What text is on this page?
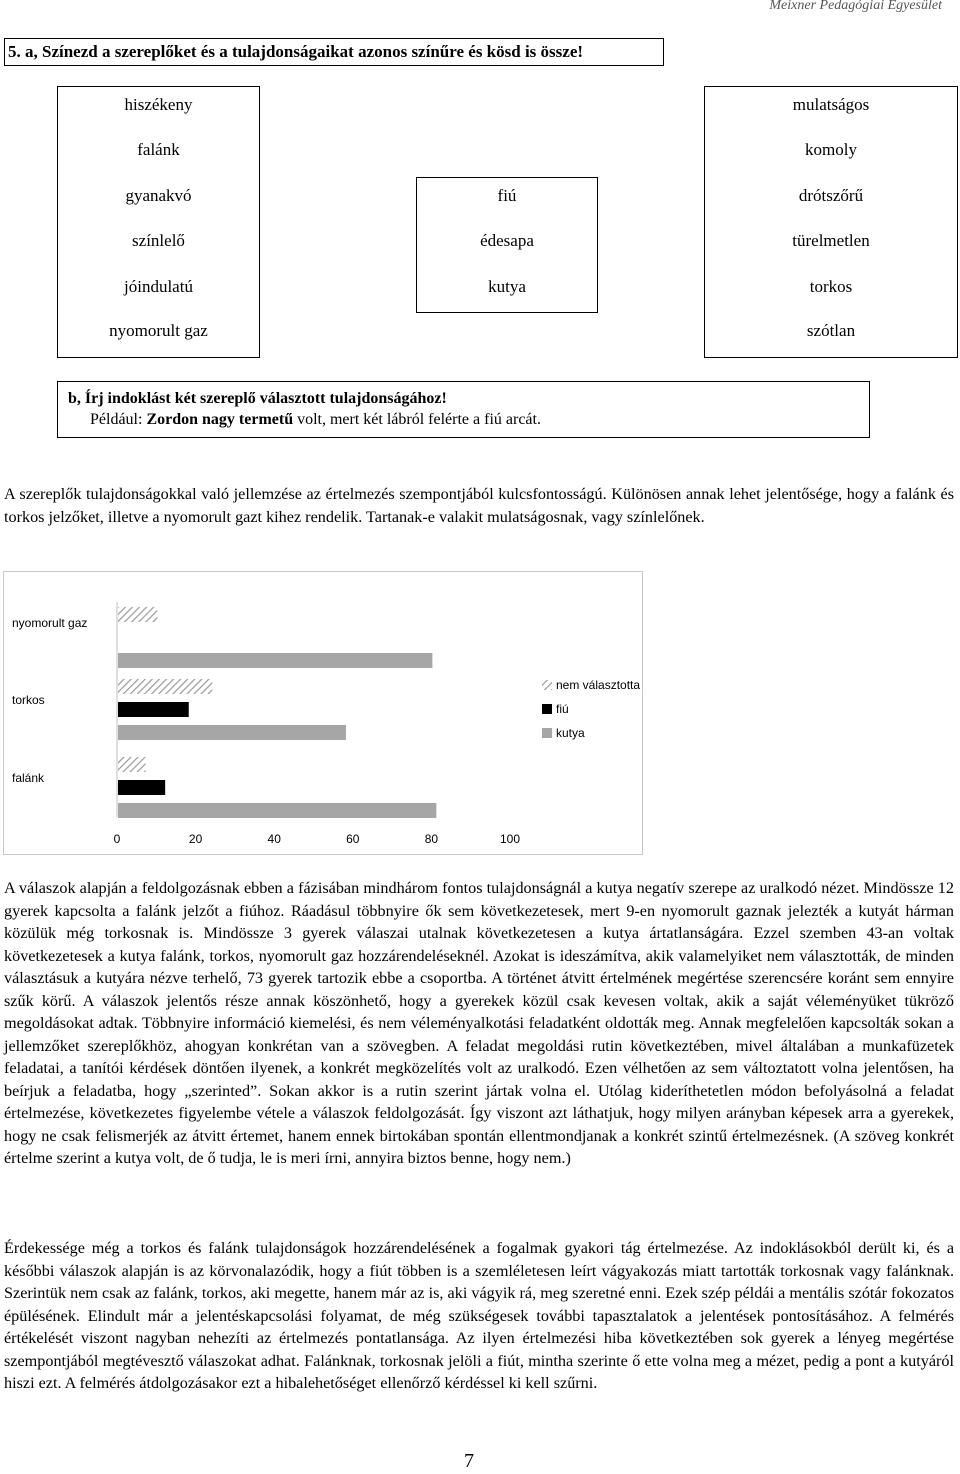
Meixner Pedagógiai Egyesület
5. a, Színezd a szereplőket és a tulajdonságaikat azonos színűre és kösd is össze!
hiszékeny
falánk
gyanakvó
színlelő
jóindulatú
nyomorult gaz
fiú
édesapa
kutya
mulatságos
komoly
drótszőrű
türelmetlen
torkos
szótlan
b, Írj indoklást két szereplő választott tulajdonságához!
Például: Zordon nagy termetű volt, mert két lábról felérte a fiú arcát.
A szereplők tulajdonságokkal való jellemzése az értelmezés szempontjából kulcsfontosságú. Különösen annak lehet jelentősége, hogy a falánk és torkos jelzőket, illetve a nyomorult gazt kihez rendelik. Tartanak-e valakit mulatságosnak, vagy színlelőnek.
0	20	40	60	80	100
nyomorult gaz
torkos
falánk
nem választotta
fiú
kutya
A válaszok alapján a feldolgozásnak ebben a fázisában mindhárom fontos tulajdonságnál a kutya negatív szerepe az uralkodó nézet. Mindössze 12 gyerek kapcsolta a falánk jelzőt a fiúhoz. Ráadásul többnyire ők sem következetesek, mert 9-en nyomorult gaznak jelezték a kutyát hárman közülük még torkosnak is. Mindössze 3 gyerek válaszai utalnak következetesen a kutya ártatlanságára. Ezzel szemben 43-an voltak következetesek a kutya falánk, torkos, nyomorult gaz hozzárendeléseknél. Azokat is ideszámítva, akik valamelyiket nem választották, de minden választásuk a kutyára nézve terhelő, 73 gyerek tartozik ebbe a csoportba. A történet átvitt értelmének megértése szerencsére koránt sem ennyire szűk körű. A válaszok jelentős része annak köszönhető, hogy a gyerekek közül csak kevesen voltak, akik a saját véleményüket tükröző megoldásokat adtak. Többnyire információ kiemelési, és nem véleményalkotási feladatként oldották meg. Annak megfelelően kapcsolták sokan a jellemzőket szereplőkhöz, ahogyan konkrétan van a szövegben. A feladat megoldási rutin következtében, mivel általában a munkafüzetek feladatai, a tanítói kérdések döntően ilyenek, a konkrét megközelítés volt az uralkodó. Ezen vélhetően az sem változtatott volna jelentősen, ha beírjuk a feladatba, hogy „szerinted”. Sokan akkor is a rutin szerint jártak volna el. Utólag kideríthetetlen módon befolyásolná a feladat értelmezése, következetes figyelembe vétele a válaszok feldolgozását. Így viszont azt láthatjuk, hogy milyen arányban képesek arra a gyerekek, hogy ne csak felismerjék az átvitt értemet, hanem ennek birtokában spontán ellentmondjanak a konkrét szintű értelmezésnek. (A szöveg konkrét értelme szerint a kutya volt, de ő tudja, le is meri írni, annyira biztos benne, hogy nem.)
Érdekessége még a torkos és falánk tulajdonságok hozzárendelésének a fogalmak gyakori tág értelmezése. Az indoklásokból derült ki, és a későbbi válaszok alapján is az körvonalazódik, hogy a fiút többen is a szemléletesen leírt vágyakozás miatt tartották torkosnak vagy falánknak. Szerintük nem csak az falánk, torkos, aki megette, hanem már az is, aki vágyik rá, meg szeretné enni. Ezek szép példái a mentális szótár fokozatos épülésének. Elindult már a jelentéskapcsolási folyamat, de még szükségesek további tapasztalatok a jelentések pontosításához. A felmérés értékelését viszont nagyban nehezíti az értelmezés pontatlansága. Az ilyen értelmezési hiba következtében sok gyerek a lényeg megértése szempontjából megtévesztő válaszokat adhat. Falánknak, torkosnak jelöli a fiút, mintha szerinte ő ette volna meg a mézet, pedig a pont a kutyáról hiszi ezt. A felmérés átdolgozásakor ezt a hibalehetőséget ellenőrző kérdéssel ki kell szűrni.
7
